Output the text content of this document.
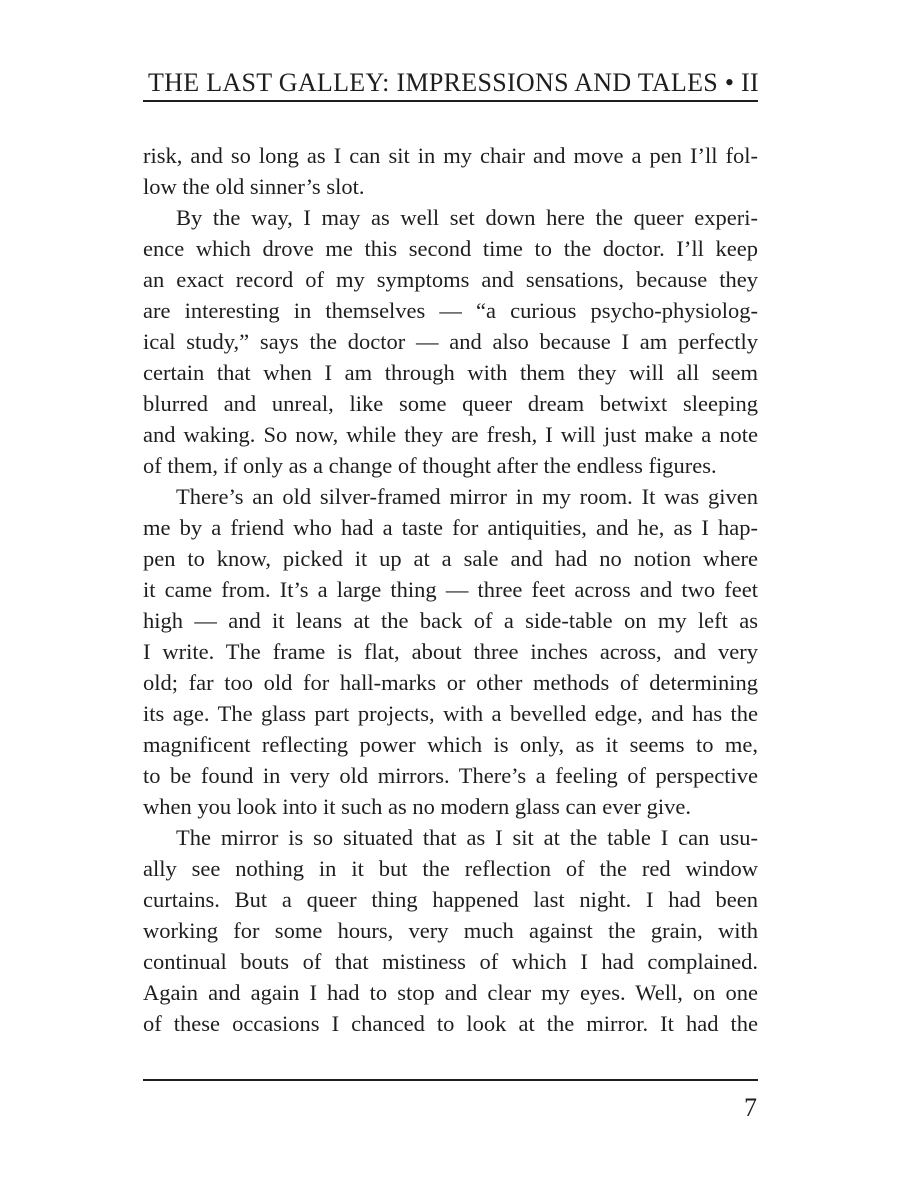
THE LAST GALLEY: IMPRESSIONS AND TALES • II

risk, and so long as I can sit in my chair and move a pen I’ll fol-
low the old sinner’s slot.

By the way, I may as well set down here the queer experi-
ence which drove me this second time to the doctor. I’ll keep
an exact record of my symptoms and sensations, because they
are interesting in themselves — “a curious psycho-physiolog-
ical study,” says the doctor — and also because I am perfectly
certain that when I am through with them they will all seem
blurred and unreal, like some queer dream betwixt sleeping
and waking. So now, while they are fresh, I will just make a note
of them, if only as a change of thought after the endless figures.

There’s an old silver-framed mirror in my room. It was given
me by a friend who had a taste for antiquities, and he, as I hap-
pen to know, picked it up at a sale and had no notion where
it came from. It’s a large thing — three feet across and two feet
high — and it leans at the back of a side-table on my left as
I write. The frame is flat, about three inches across, and very
old; far too old for hall-marks or other methods of determining
its age. The glass part projects, with a bevelled edge, and has the
magnificent reflecting power which is only, as it seems to me,
to be found in very old mirrors. There’s a feeling of perspective
when you look into it such as no modern glass can ever give.

The mirror is so situated that as I sit at the table I can usu-
ally see nothing in it but the reflection of the red window
curtains. But a queer thing happened last night. I had been
working for some hours, very much against the grain, with
continual bouts of that mistiness of which I had complained.
Again and again I had to stop and clear my eyes. Well, on one
of these occasions I chanced to look at the mirror. It had the

7
